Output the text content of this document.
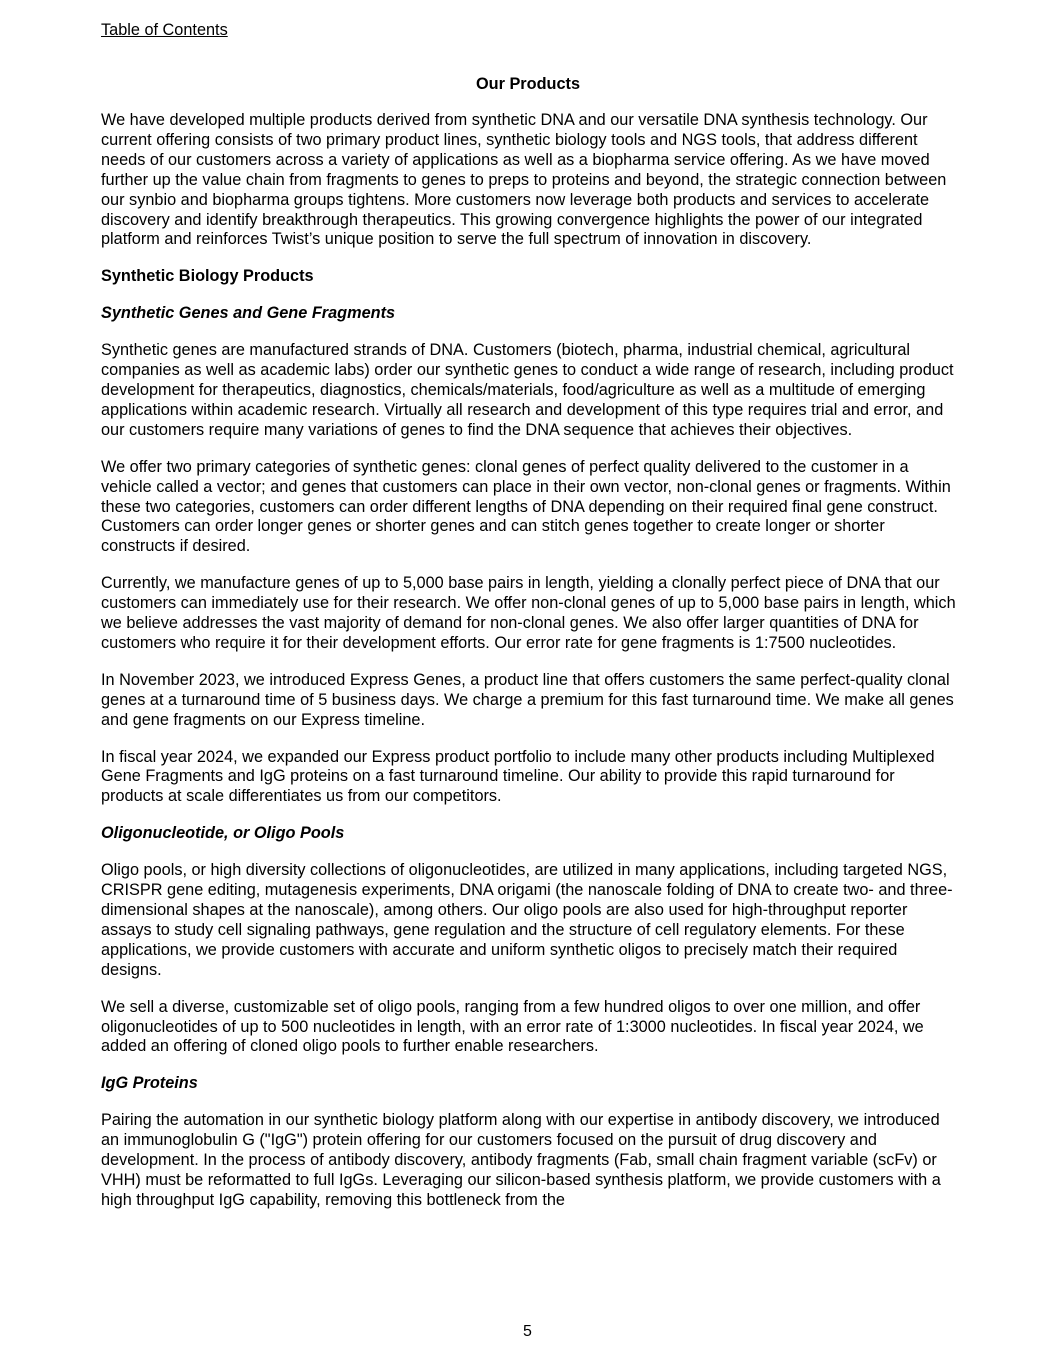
Table of Contents
Our Products

We have developed multiple products derived from synthetic DNA and our versatile DNA synthesis technology. Our current offering consists of two primary product lines, synthetic biology tools and NGS tools, that address different needs of our customers across a variety of applications as well as a biopharma service offering. As we have moved further up the value chain from fragments to genes to preps to proteins and beyond, the strategic connection between our synbio and biopharma groups tightens. More customers now leverage both products and services to accelerate discovery and identify breakthrough therapeutics. This growing convergence highlights the power of our integrated platform and reinforces Twist’s unique position to serve the full spectrum of innovation in discovery.

Synthetic Biology Products
Synthetic Genes and Gene Fragments

Synthetic genes are manufactured strands of DNA. Customers (biotech, pharma, industrial chemical, agricultural companies as well as academic labs) order our synthetic genes to conduct a wide range of research, including product development for therapeutics, diagnostics, chemicals/materials, food/agriculture as well as a multitude of emerging applications within academic research. Virtually all research and development of this type requires trial and error, and our customers require many variations of genes to find the DNA sequence that achieves their objectives.

We offer two primary categories of synthetic genes: clonal genes of perfect quality delivered to the customer in a vehicle called a vector; and genes that customers can place in their own vector, non-clonal genes or fragments. Within these two categories, customers can order different lengths of DNA depending on their required final gene construct. Customers can order longer genes or shorter genes and can stitch genes together to create longer or shorter constructs if desired.

Currently, we manufacture genes of up to 5,000 base pairs in length, yielding a clonally perfect piece of DNA that our customers can immediately use for their research. We offer non-clonal genes of up to 5,000 base pairs in length, which we believe addresses the vast majority of demand for non-clonal genes. We also offer larger quantities of DNA for customers who require it for their development efforts. Our error rate for gene fragments is 1:7500 nucleotides.

In November 2023, we introduced Express Genes, a product line that offers customers the same perfect-quality clonal genes at a turnaround time of 5 business days. We charge a premium for this fast turnaround time. We make all genes and gene fragments on our Express timeline.

In fiscal year 2024, we expanded our Express product portfolio to include many other products including Multiplexed Gene Fragments and IgG proteins on a fast turnaround timeline. Our ability to provide this rapid turnaround for products at scale differentiates us from our competitors.

Oligonucleotide, or Oligo Pools

Oligo pools, or high diversity collections of oligonucleotides, are utilized in many applications, including targeted NGS, CRISPR gene editing, mutagenesis experiments, DNA origami (the nanoscale folding of DNA to create two- and three-dimensional shapes at the nanoscale), among others. Our oligo pools are also used for high-throughput reporter assays to study cell signaling pathways, gene regulation and the structure of cell regulatory elements. For these applications, we provide customers with accurate and uniform synthetic oligos to precisely match their required designs.

We sell a diverse, customizable set of oligo pools, ranging from a few hundred oligos to over one million, and offer oligonucleotides of up to 500 nucleotides in length, with an error rate of 1:3000 nucleotides. In fiscal year 2024, we added an offering of cloned oligo pools to further enable researchers.

IgG Proteins

Pairing the automation in our synthetic biology platform along with our expertise in antibody discovery, we introduced an immunoglobulin G ("IgG") protein offering for our customers focused on the pursuit of drug discovery and development. In the process of antibody discovery, antibody fragments (Fab, small chain fragment variable (scFv) or VHH) must be reformatted to full IgGs. Leveraging our silicon-based synthesis platform, we provide customers with a high throughput IgG capability, removing this bottleneck from the

5
